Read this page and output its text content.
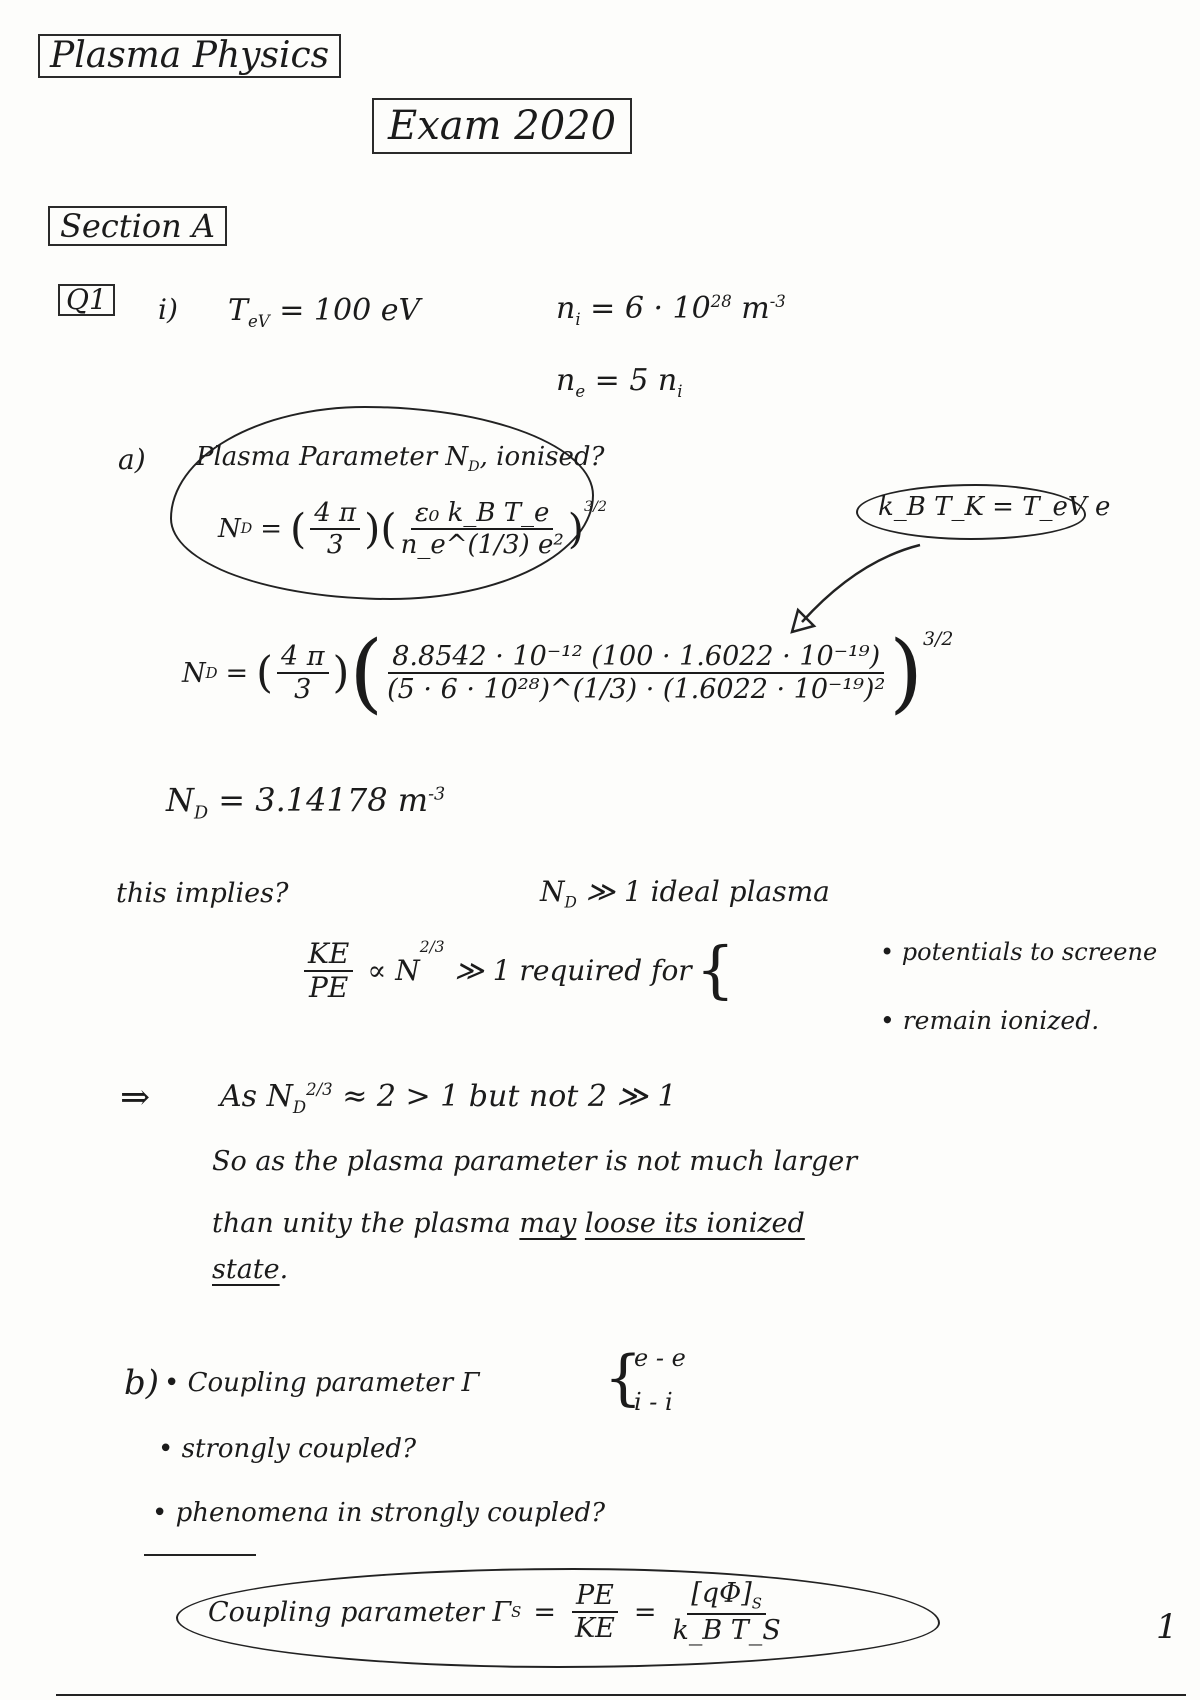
Plasma Physics
Exam 2020
Section A
Q1 i) $T_{eV} = 100$ eV	$n_i = 6 \cdot 10^{28}$ $m^{-3}$
$n_e = 5$ $n_i$
a) Plasma Parameter $N_D$, ionised?
N D = ( $\frac{4 \pi}{3}$ ) ( $\frac{\text{ε₀ k\_B T\_e}}{\text{n\_e\textasciicircum{}(1/3) e²}} )^{3/2}$	k_B T_K = T_eV e
N D = ( $\frac{4 \pi}{3}$ ) ( $\frac{\text{8.8542 · 10⁻¹² (100 · 1.6022 · 10⁻¹⁹)}}{\text{(5 · 6 · 10²⁸)\textasciicircum{}(1/3) · (1.6022 · 10⁻¹⁹)²}} )^{3/2}$
$N_D = 3.14178$ $m^{-3}$
this implies?	$N_D$ ≫ 1 ideal plasma
$\frac{KE}{PE} \propto N$
2/3
≫ 1 required for {	• potentials to screene
• remain ionized.
⇒ As $N_D^{2/3} \approx 2 > 1$ but not 2 ≫ 1
So as the plasma parameter is not much larger
than unity the plasma may loose its ionized
state.
b) • Coupling parameter Γ {
e - e
i - i
• strongly coupled?
• phenomena in strongly coupled?
Coupling parameter Γ $S = \frac{PE}{KE} = \frac{[q\Phi]_S}{\text{k\_B T\_S}}$	1
